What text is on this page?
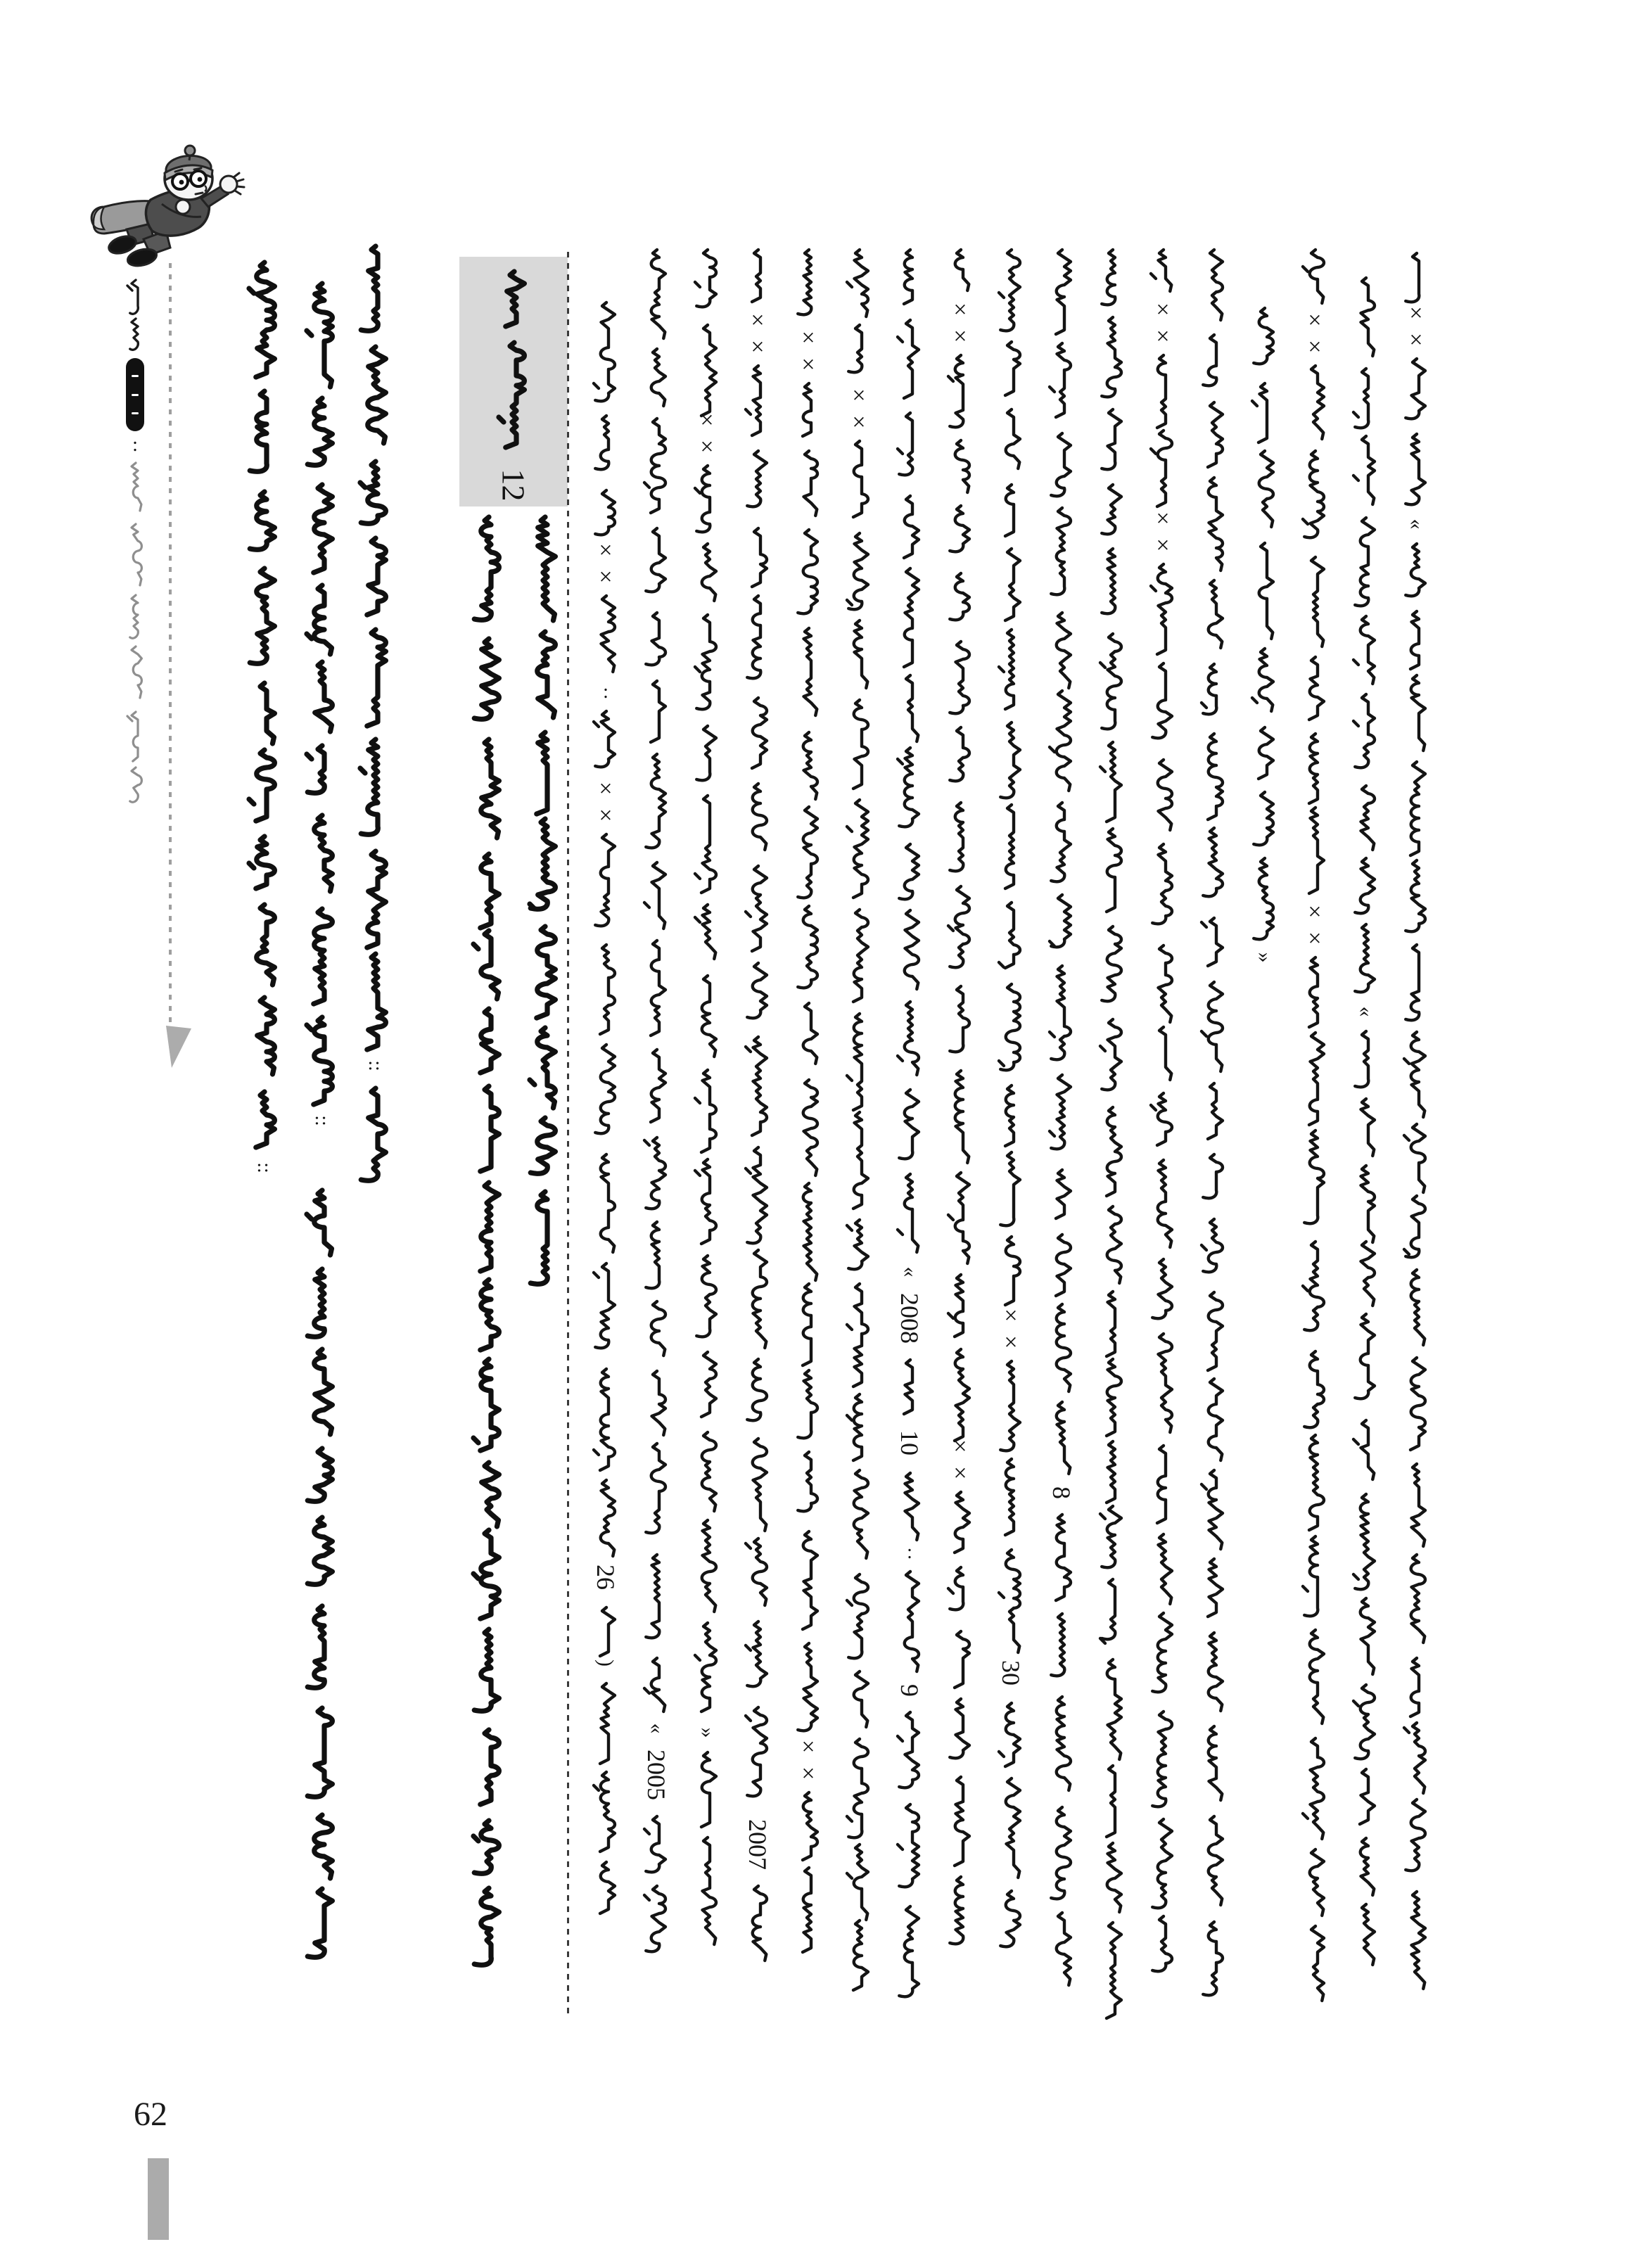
:
::
::
::
12
×
×
:
×
×
26
)
«
2005
×
×
»
×
×
2007
×
×
×
×
×
×
«
2008
10
:
9
×
×
×
×
×
×
30
8
×
×
×
×
»
×
×
×
×
«
×
×
«
62
